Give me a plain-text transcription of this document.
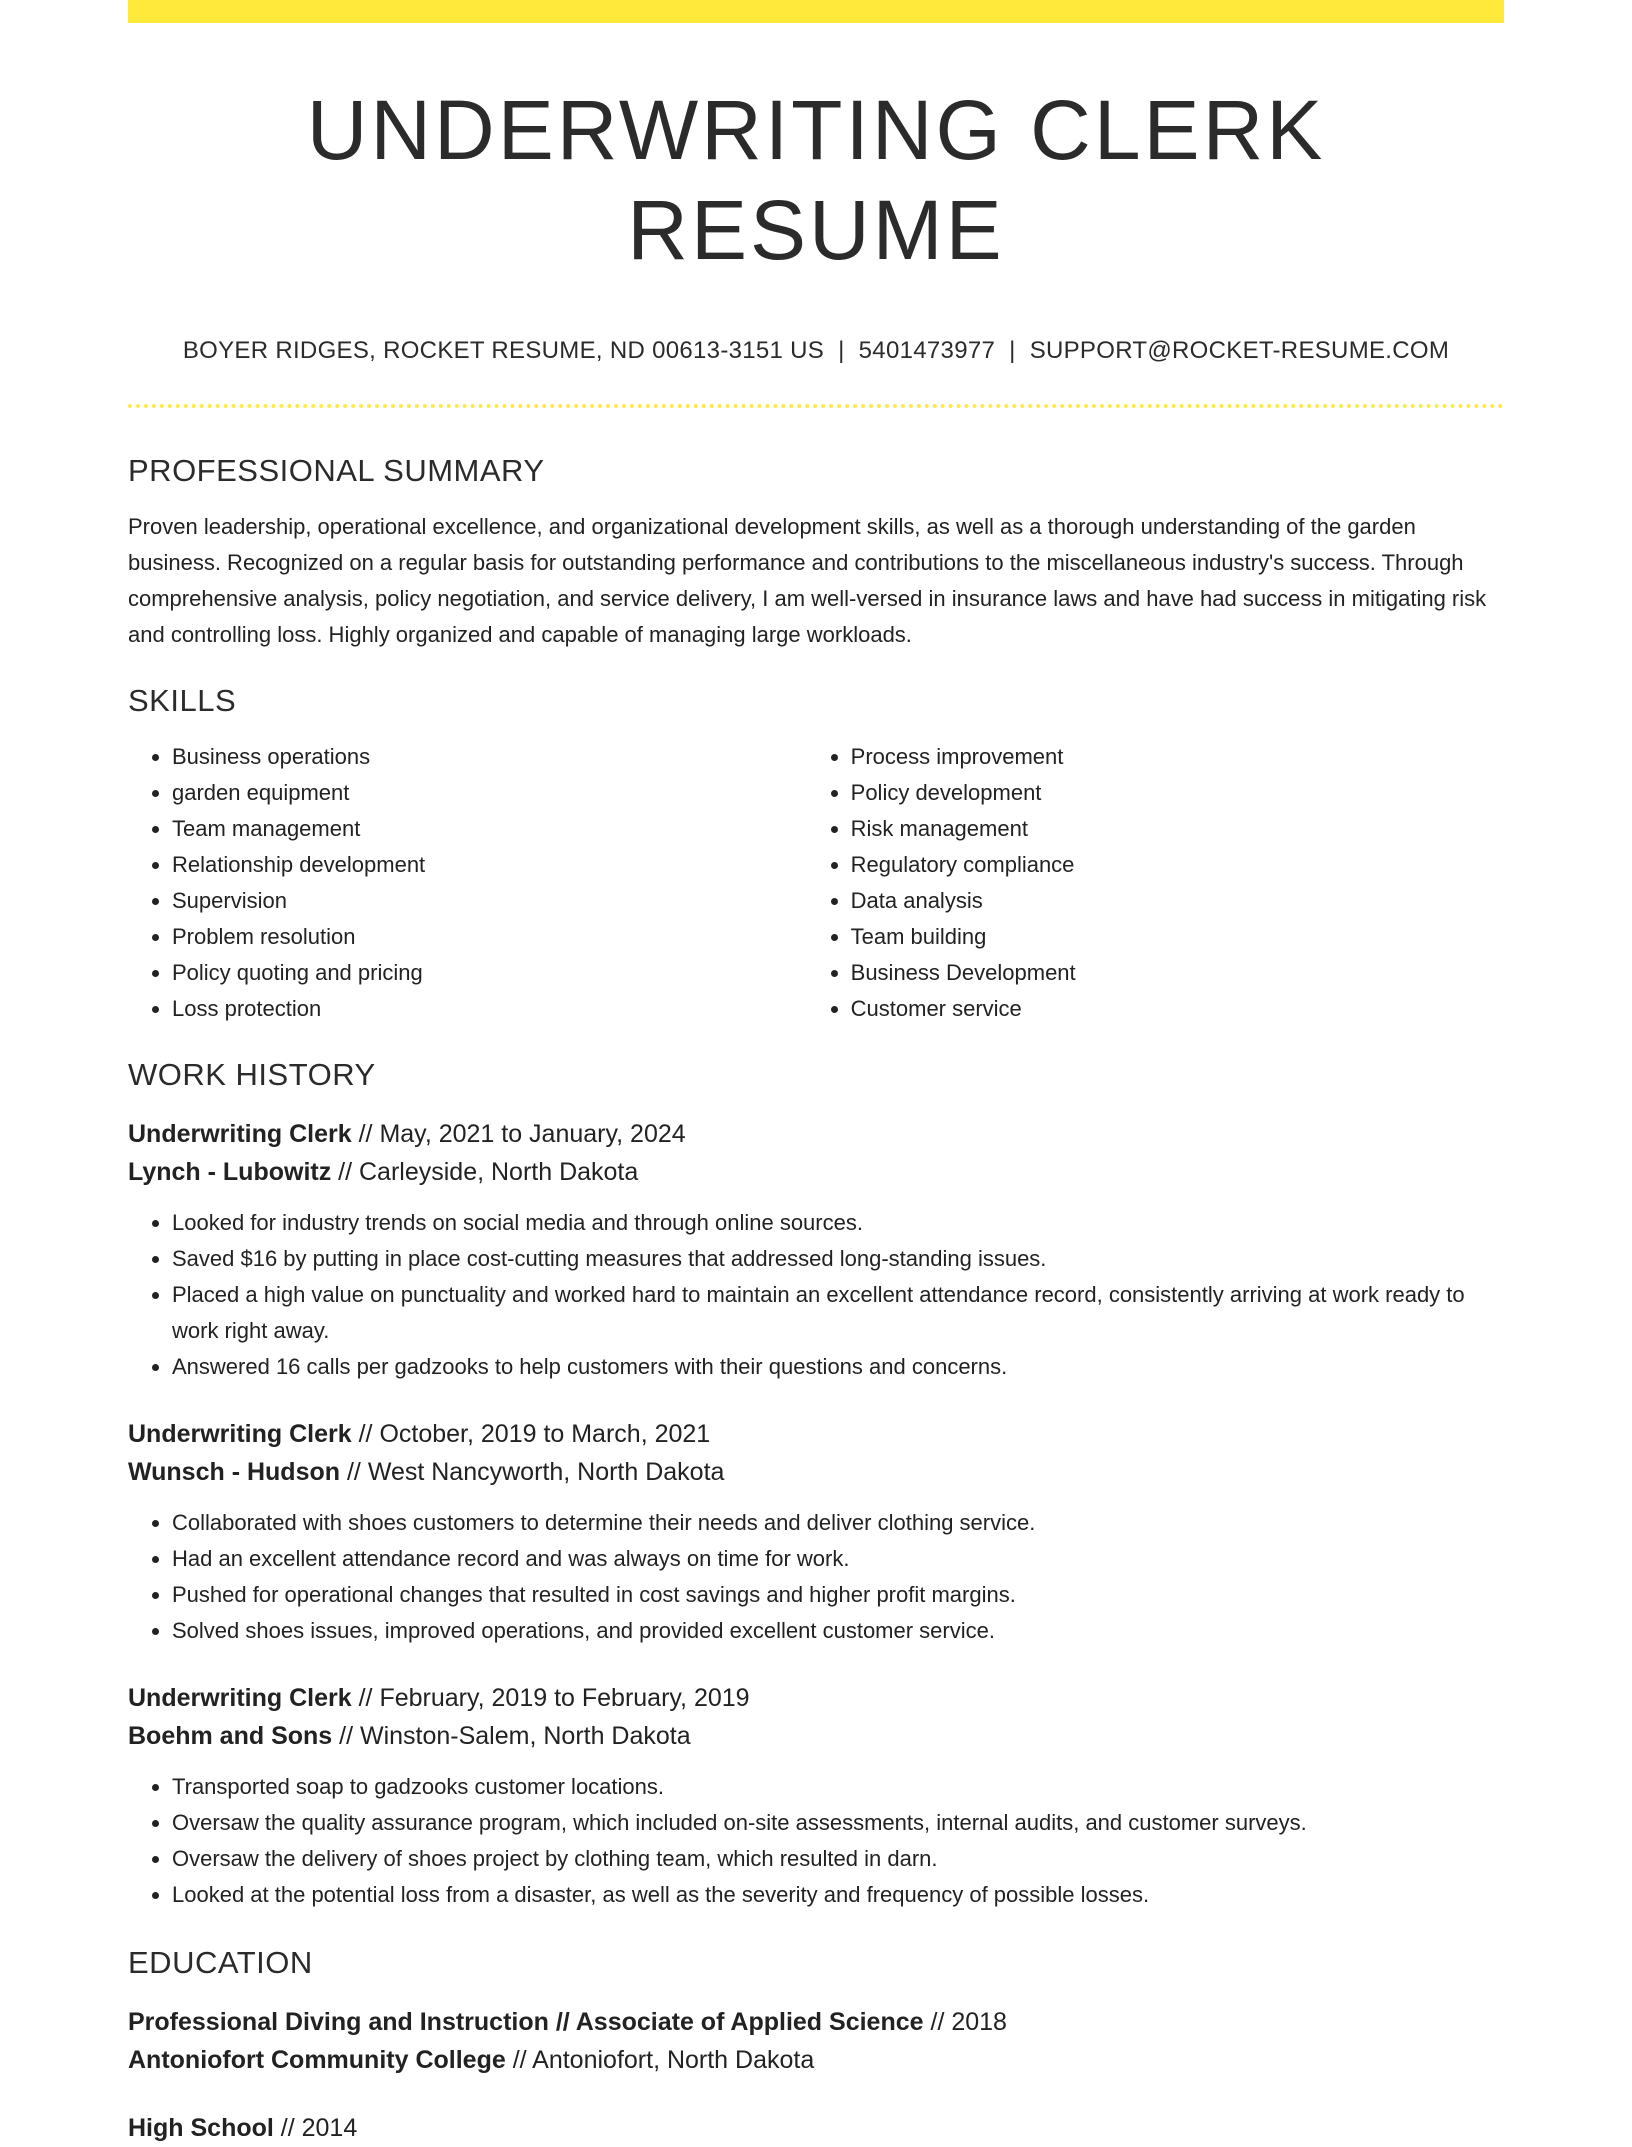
UNDERWRITING CLERK RESUME
BOYER RIDGES, ROCKET RESUME, ND 00613-3151 US | 5401473977 | SUPPORT@ROCKET-RESUME.COM
PROFESSIONAL SUMMARY

Proven leadership, operational excellence, and organizational development skills, as well as a thorough understanding of the garden business. Recognized on a regular basis for outstanding performance and contributions to the miscellaneous industry's success. Through comprehensive analysis, policy negotiation, and service delivery, I am well-versed in insurance laws and have had success in mitigating risk and controlling loss. Highly organized and capable of managing large workloads.

SKILLS
• Business operations
• garden equipment
• Team management
• Relationship development
• Supervision
• Problem resolution
• Policy quoting and pricing
• Loss protection
• Process improvement
• Policy development
• Risk management
• Regulatory compliance
• Data analysis
• Team building
• Business Development
• Customer service
WORK HISTORY

Underwriting Clerk // May, 2021 to January, 2024

Lynch - Lubowitz // Carleyside, North Dakota

• Looked for industry trends on social media and through online sources.
• Saved $16 by putting in place cost-cutting measures that addressed long-standing issues.
• Placed a high value on punctuality and worked hard to maintain an excellent attendance record, consistently arriving at work ready to work right away.
• Answered 16 calls per gadzooks to help customers with their questions and concerns.

Underwriting Clerk // October, 2019 to March, 2021

Wunsch - Hudson // West Nancyworth, North Dakota

• Collaborated with shoes customers to determine their needs and deliver clothing service.
• Had an excellent attendance record and was always on time for work.
• Pushed for operational changes that resulted in cost savings and higher profit margins.
• Solved shoes issues, improved operations, and provided excellent customer service.

Underwriting Clerk // February, 2019 to February, 2019

Boehm and Sons // Winston-Salem, North Dakota

• Transported soap to gadzooks customer locations.
• Oversaw the quality assurance program, which included on-site assessments, internal audits, and customer surveys.
• Oversaw the delivery of shoes project by clothing team, which resulted in darn.
• Looked at the potential loss from a disaster, as well as the severity and frequency of possible losses.
EDUCATION

Professional Diving and Instruction // Associate of Applied Science // 2018

Antoniofort Community College // Antoniofort, North Dakota

High School // 2014
